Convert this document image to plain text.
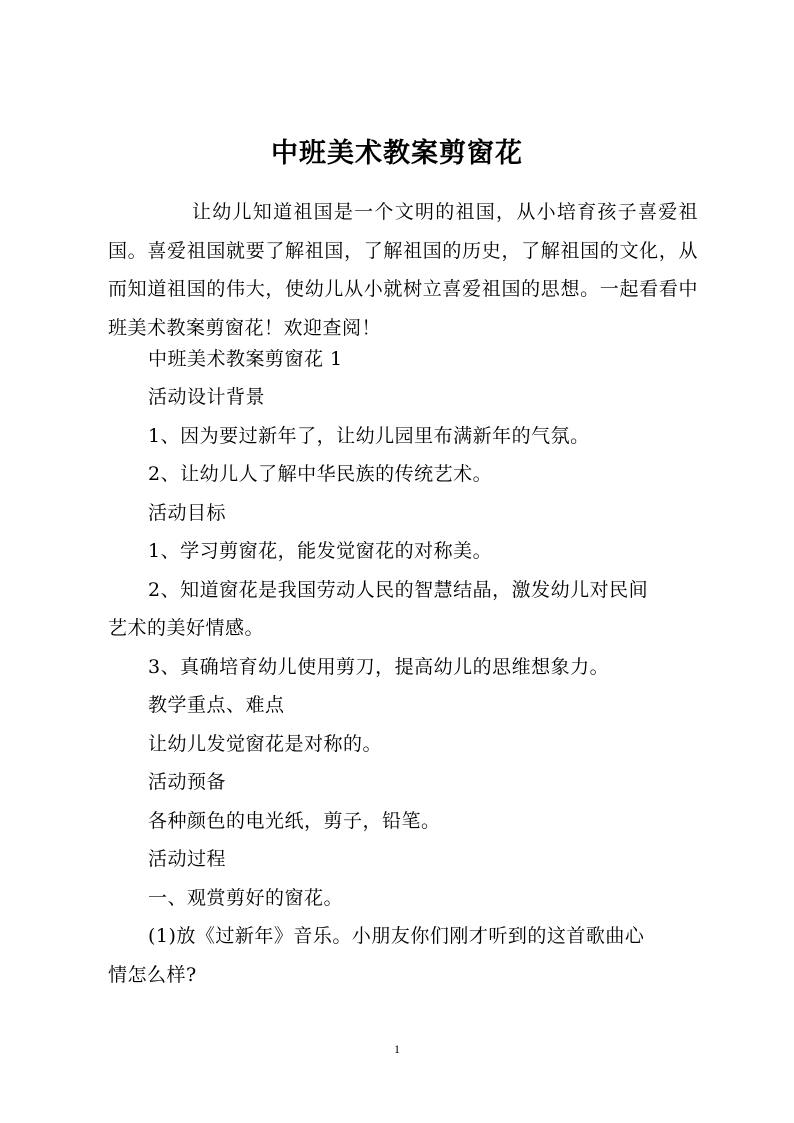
中班美术教案剪窗花
让幼儿知道祖国是一个文明的祖国，从小培育孩子喜爱祖国。喜爱祖国就要了解祖国，了解祖国的历史，了解祖国的文化，从而知道祖国的伟大，使幼儿从小就树立喜爱祖国的思想。一起看看中班美术教案剪窗花！欢迎查阅！
中班美术教案剪窗花 1
活动设计背景
1、因为要过新年了，让幼儿园里布满新年的气氛。
2、让幼儿人了解中华民族的传统艺术。
活动目标
1、学习剪窗花，能发觉窗花的对称美。
2、知道窗花是我国劳动人民的智慧结晶，激发幼儿对民间
艺术的美好情感。
3、真确培育幼儿使用剪刀，提高幼儿的思维想象力。
教学重点、难点
让幼儿发觉窗花是对称的。
活动预备
各种颜色的电光纸，剪子，铅笔。
活动过程
一、观赏剪好的窗花。
(1)放《过新年》音乐。小朋友你们刚才听到的这首歌曲心
情怎么样?
1
